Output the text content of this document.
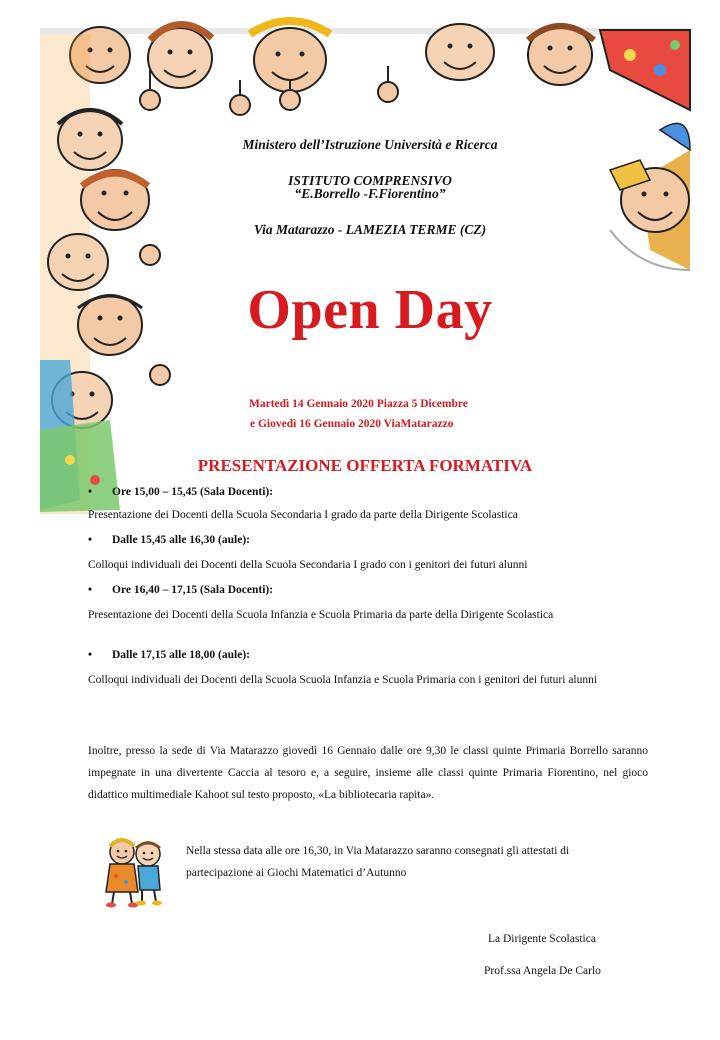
Ministero dell’Istruzione Università e Ricerca
ISTITUTO COMPRENSIVO
“E.Borrello -F.Fiorentino”
Via Matarazzo - LAMEZIA TERME (CZ)
Open Day
Martedì 14 Gennaio 2020 Piazza 5 Dicembre
e Giovedì 16 Gennaio 2020 ViaMatarazzo
PRESENTAZIONE OFFERTA FORMATIVA
• Ore 15,00 – 15,45 (Sala Docenti):
Presentazione dei Docenti della Scuola Secondaria I grado da parte della Dirigente Scolastica
• Dalle 15,45 alle 16,30 (aule):
Colloqui individuali dei Docenti della Scuola Secondaria I grado con i genitori dei futuri alunni
• Ore 16,40 – 17,15 (Sala Docenti):
Presentazione dei Docenti della Scuola Infanzia e Scuola Primaria da parte della Dirigente Scolastica
• Dalle 17,15 alle 18,00 (aule):
Colloqui individuali dei Docenti della Scuola Scuola Infanzia e Scuola Primaria con i genitori dei futuri alunni
Inoltre, presso la sede di Via Matarazzo giovedì 16 Gennaio dalle ore 9,30 le classi quinte Primaria Borrello saranno impegnate in una divertente Caccia al tesoro e, a seguire, insieme alle classi quinte Primaria Fiorentino, nel gioco didattico multimediale Kahoot sul testo proposto, «La bibliotecaria rapita».
Nella stessa data alle ore 16,30, in Via Matarazzo saranno consegnati gli attestati di partecipazione ai Giochi Matematici d’Autunno
La Dirigente Scolastica
Prof.ssa Angela De Carlo
